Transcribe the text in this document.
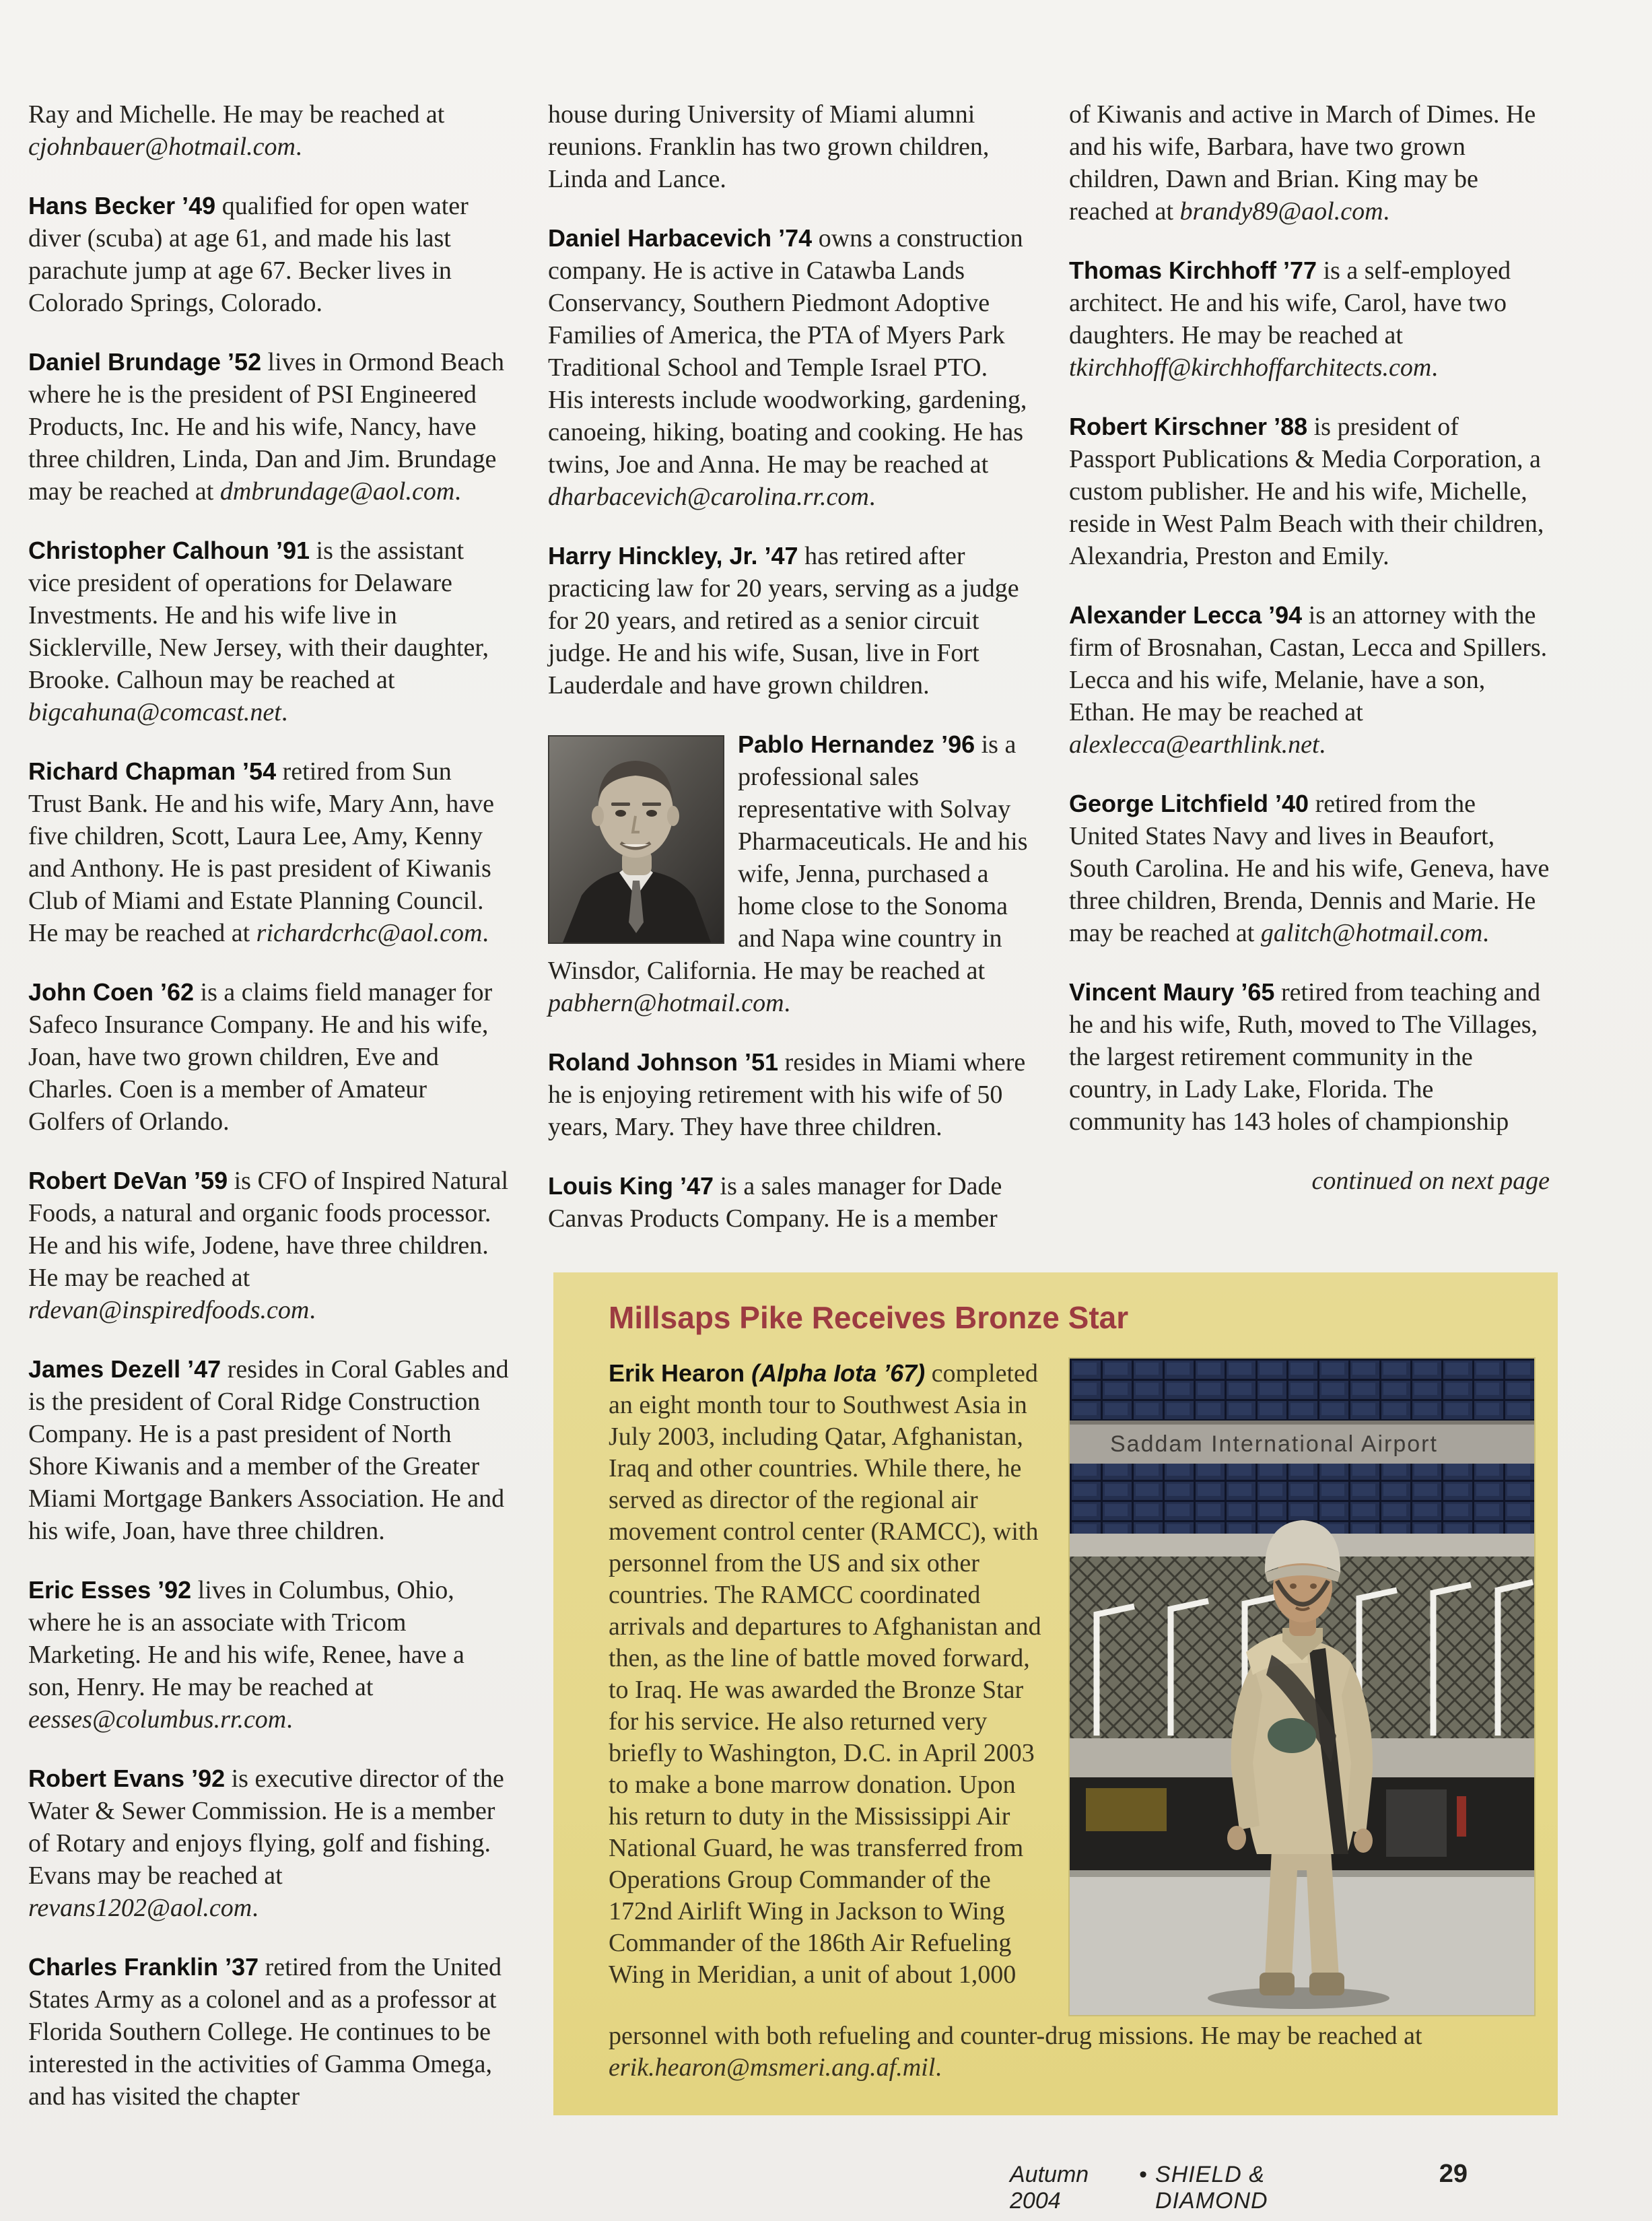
Ray and Michelle. He may be reached at cjohnbauer@hotmail.com.

Hans Becker ’49 qualified for open water diver (scuba) at age 61, and made his last parachute jump at age 67. Becker lives in Colorado Springs, Colorado.

Daniel Brundage ’52 lives in Ormond Beach where he is the president of PSI Engineered Products, Inc. He and his wife, Nancy, have three children, Linda, Dan and Jim. Brundage may be reached at dmbrundage@aol.com.

Christopher Calhoun ’91 is the assistant vice president of operations for Delaware Investments. He and his wife live in Sicklerville, New Jersey, with their daughter, Brooke. Calhoun may be reached at bigcahuna@comcast.net.

Richard Chapman ’54 retired from Sun Trust Bank. He and his wife, Mary Ann, have five children, Scott, Laura Lee, Amy, Kenny and Anthony. He is past president of Kiwanis Club of Miami and Estate Planning Council. He may be reached at richardcrhc@aol.com.

John Coen ’62 is a claims field manager for Safeco Insurance Company. He and his wife, Joan, have two grown children, Eve and Charles. Coen is a member of Amateur Golfers of Orlando.

Robert DeVan ’59 is CFO of Inspired Natural Foods, a natural and organic foods processor. He and his wife, Jodene, have three children. He may be reached at rdevan@inspiredfoods.com.

James Dezell ’47 resides in Coral Gables and is the president of Coral Ridge Construction Company. He is a past president of North Shore Kiwanis and a member of the Greater Miami Mortgage Bankers Association. He and his wife, Joan, have three children.

Eric Esses ’92 lives in Columbus, Ohio, where he is an associate with Tricom Marketing. He and his wife, Renee, have a son, Henry. He may be reached at eesses@columbus.rr.com.

Robert Evans ’92 is executive director of the Water & Sewer Commission. He is a member of Rotary and enjoys flying, golf and fishing. Evans may be reached at revans1202@aol.com.

Charles Franklin ’37 retired from the United States Army as a colonel and as a professor at Florida Southern College. He continues to be interested in the activities of Gamma Omega, and has visited the chapter

house during University of Miami alumni reunions. Franklin has two grown children, Linda and Lance.

Daniel Harbacevich ’74 owns a construction company. He is active in Catawba Lands Conservancy, Southern Piedmont Adoptive Families of America, the PTA of Myers Park Traditional School and Temple Israel PTO. His interests include woodworking, gardening, canoeing, hiking, boating and cooking. He has twins, Joe and Anna. He may be reached at dharbacevich@carolina.rr.com.

Harry Hinckley, Jr. ’47 has retired after practicing law for 20 years, serving as a judge for 20 years, and retired as a senior circuit judge. He and his wife, Susan, live in Fort Lauderdale and have grown children.

Pablo Hernandez ’96 is a professional sales representative with Solvay Pharmaceuticals. He and his wife, Jenna, purchased a home close to the Sonoma and Napa wine country in Winsdor, California. He may be reached at pabhern@hotmail.com.

Roland Johnson ’51 resides in Miami where he is enjoying retirement with his wife of 50 years, Mary. They have three children.

Louis King ’47 is a sales manager for Dade Canvas Products Company. He is a member

of Kiwanis and active in March of Dimes. He and his wife, Barbara, have two grown children, Dawn and Brian. King may be reached at brandy89@aol.com.

Thomas Kirchhoff ’77 is a self-employed architect. He and his wife, Carol, have two daughters. He may be reached at tkirchhoff@kirchhoffarchitects.com.

Robert Kirschner ’88 is president of Passport Publications & Media Corporation, a custom publisher. He and his wife, Michelle, reside in West Palm Beach with their children, Alexandria, Preston and Emily.

Alexander Lecca ’94 is an attorney with the firm of Brosnahan, Castan, Lecca and Spillers. Lecca and his wife, Melanie, have a son, Ethan. He may be reached at alexlecca@earthlink.net.

George Litchfield ’40 retired from the United States Navy and lives in Beaufort, South Carolina. He and his wife, Geneva, have three children, Brenda, Dennis and Marie. He may be reached at galitch@hotmail.com.

Vincent Maury ’65 retired from teaching and he and his wife, Ruth, moved to The Villages, the largest retirement community in the country, in Lady Lake, Florida. The community has 143 holes of championship

continued on next page

Millsaps Pike Receives Bronze Star

Erik Hearon (Alpha Iota ’67) completed an eight month tour to Southwest Asia in July 2003, including Qatar, Afghanistan, Iraq and other countries. While there, he served as director of the regional air movement control center (RAMCC), with personnel from the US and six other countries. The RAMCC coordinated arrivals and departures to Afghanistan and then, as the line of battle moved forward, to Iraq. He was awarded the Bronze Star for his service. He also returned very briefly to Washington, D.C. in April 2003 to make a bone marrow donation. Upon his return to duty in the Mississippi Air National Guard, he was transferred from Operations Group Commander of the 172nd Airlift Wing in Jackson to Wing Commander of the 186th Air Refueling Wing in Meridian, a unit of about 1,000

Saddam International Airport

personnel with both refueling and counter-drug missions. He may be reached at erik.hearon@msmeri.ang.af.mil.

Autumn 2004
• SHIELD & DIAMOND
29
